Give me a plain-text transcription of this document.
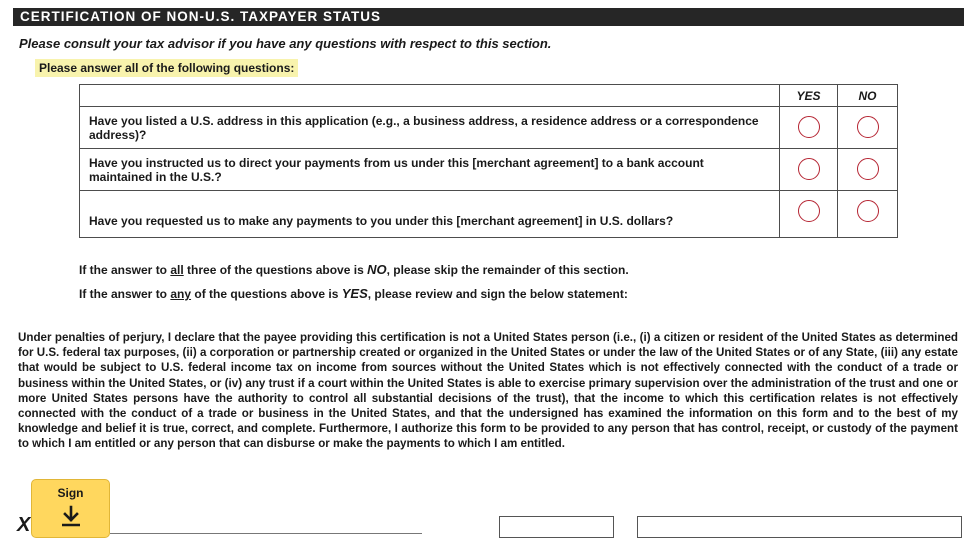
CERTIFICATION OF NON-U.S. TAXPAYER STATUS
Please consult your tax advisor if you have any questions with respect to this section.
Please answer all of the following questions:
	YES	NO
Have you listed a U.S. address in this application (e.g., a business address, a residence address or a correspondence address)?		
Have you instructed us to direct your payments from us under this [merchant agreement] to a bank account maintained in the U.S.?		
Have you requested us to make any payments to you under this [merchant agreement] in U.S. dollars?		
If the answer to all three of the questions above is NO, please skip the remainder of this section.
If the answer to any of the questions above is YES, please review and sign the below statement:
Under penalties of perjury, I declare that the payee providing this certification is not a United States person (i.e., (i) a citizen or resident of the United States as determined for U.S. federal tax purposes, (ii) a corporation or partnership created or organized in the United States or under the law of the United States or of any State, (iii) any estate that would be subject to U.S. federal income tax on income from sources without the United States which is not effectively connected with the conduct of a trade or business within the United States, or (iv) any trust if a court within the United States is able to exercise primary supervision over the administration of the trust and one or more United States persons have the authority to control all substantial decisions of the trust), that the income to which this certification relates is not effectively connected with the conduct of a trade or business in the United States, and that the undersigned has examined the information on this form and to the best of my knowledge and belief it is true, correct, and complete. Furthermore, I authorize this form to be provided to any person that has control, receipt, or custody of the payment to which I am entitled or any person that can disburse or make the payments to which I am entitled.
X
Sign
